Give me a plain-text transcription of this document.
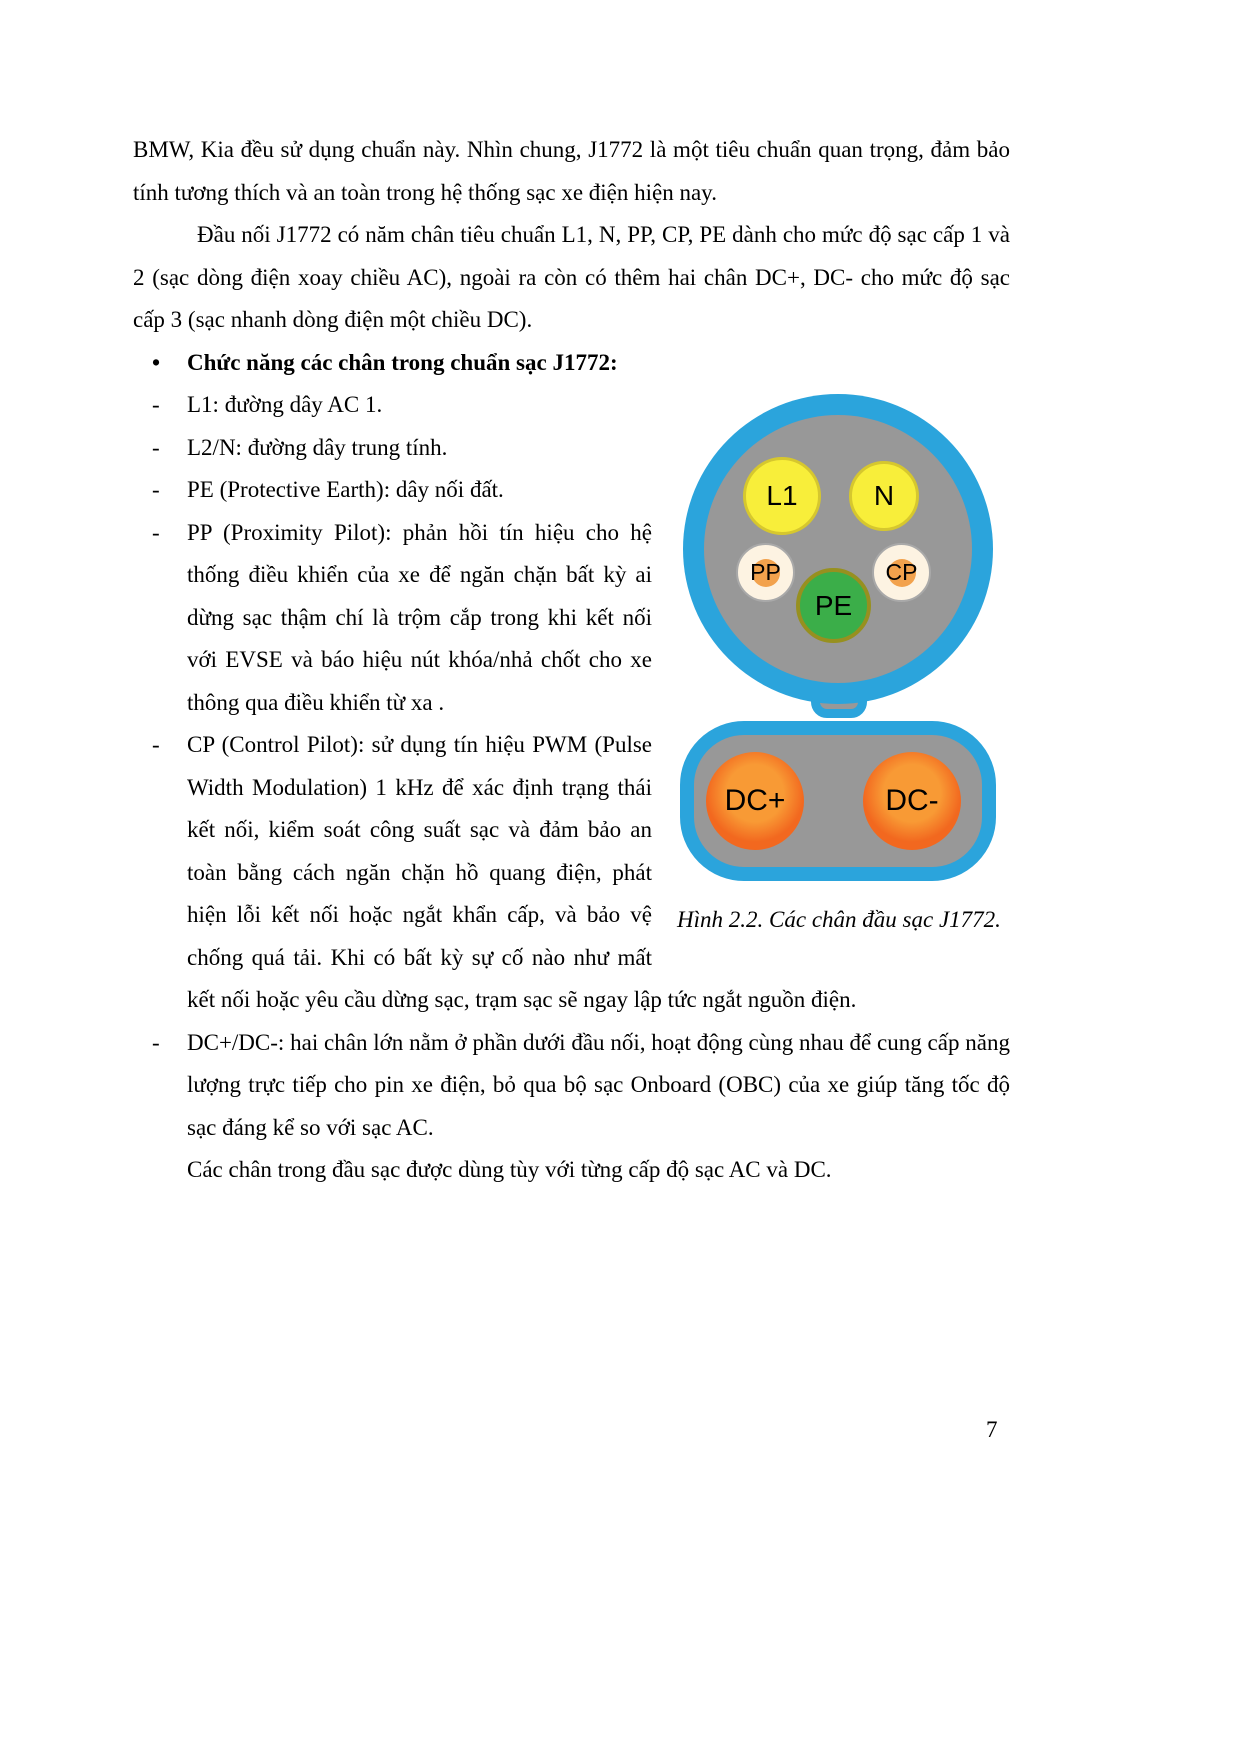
BMW, Kia đều sử dụng chuẩn này. Nhìn chung, J1772 là một tiêu chuẩn quan trọng, đảm bảo tính tương thích và an toàn trong hệ thống sạc xe điện hiện nay.

Đầu nối J1772 có năm chân tiêu chuẩn L1, N, PP, CP, PE dành cho mức độ sạc cấp 1 và 2 (sạc dòng điện xoay chiều AC), ngoài ra còn có thêm hai chân DC+, DC- cho mức độ sạc cấp 3 (sạc nhanh dòng điện một chiều DC).

• Chức năng các chân trong chuẩn sạc J1772:
L1	N
PP	CP
PE
DC+	DC-
Hình 2.2. Các chân đầu sạc J1772.
- L1: đường dây AC 1.
- L2/N: đường dây trung tính.
- PE (Protective Earth): dây nối đất.
- PP (Proximity Pilot): phản hồi tín hiệu cho hệ thống điều khiển của xe để ngăn chặn bất kỳ ai dừng sạc thậm chí là trộm cắp trong khi kết nối với EVSE và báo hiệu nút khóa/nhả chốt cho xe thông qua điều khiển từ xa .
- CP (Control Pilot): sử dụng tín hiệu PWM (Pulse Width Modulation) 1 kHz để xác định trạng thái kết nối, kiểm soát công suất sạc và đảm bảo an toàn bằng cách ngăn chặn hồ quang điện, phát hiện lỗi kết nối hoặc ngắt khẩn cấp, và bảo vệ chống quá tải. Khi có bất kỳ sự cố nào như mất kết nối hoặc yêu cầu dừng sạc, trạm sạc sẽ ngay lập tức ngắt nguồn điện.
- DC+/DC-: hai chân lớn nằm ở phần dưới đầu nối, hoạt động cùng nhau để cung cấp năng lượng trực tiếp cho pin xe điện, bỏ qua bộ sạc Onboard (OBC) của xe giúp tăng tốc độ sạc đáng kể so với sạc AC.
Các chân trong đầu sạc được dùng tùy với từng cấp độ sạc AC và DC.
7
